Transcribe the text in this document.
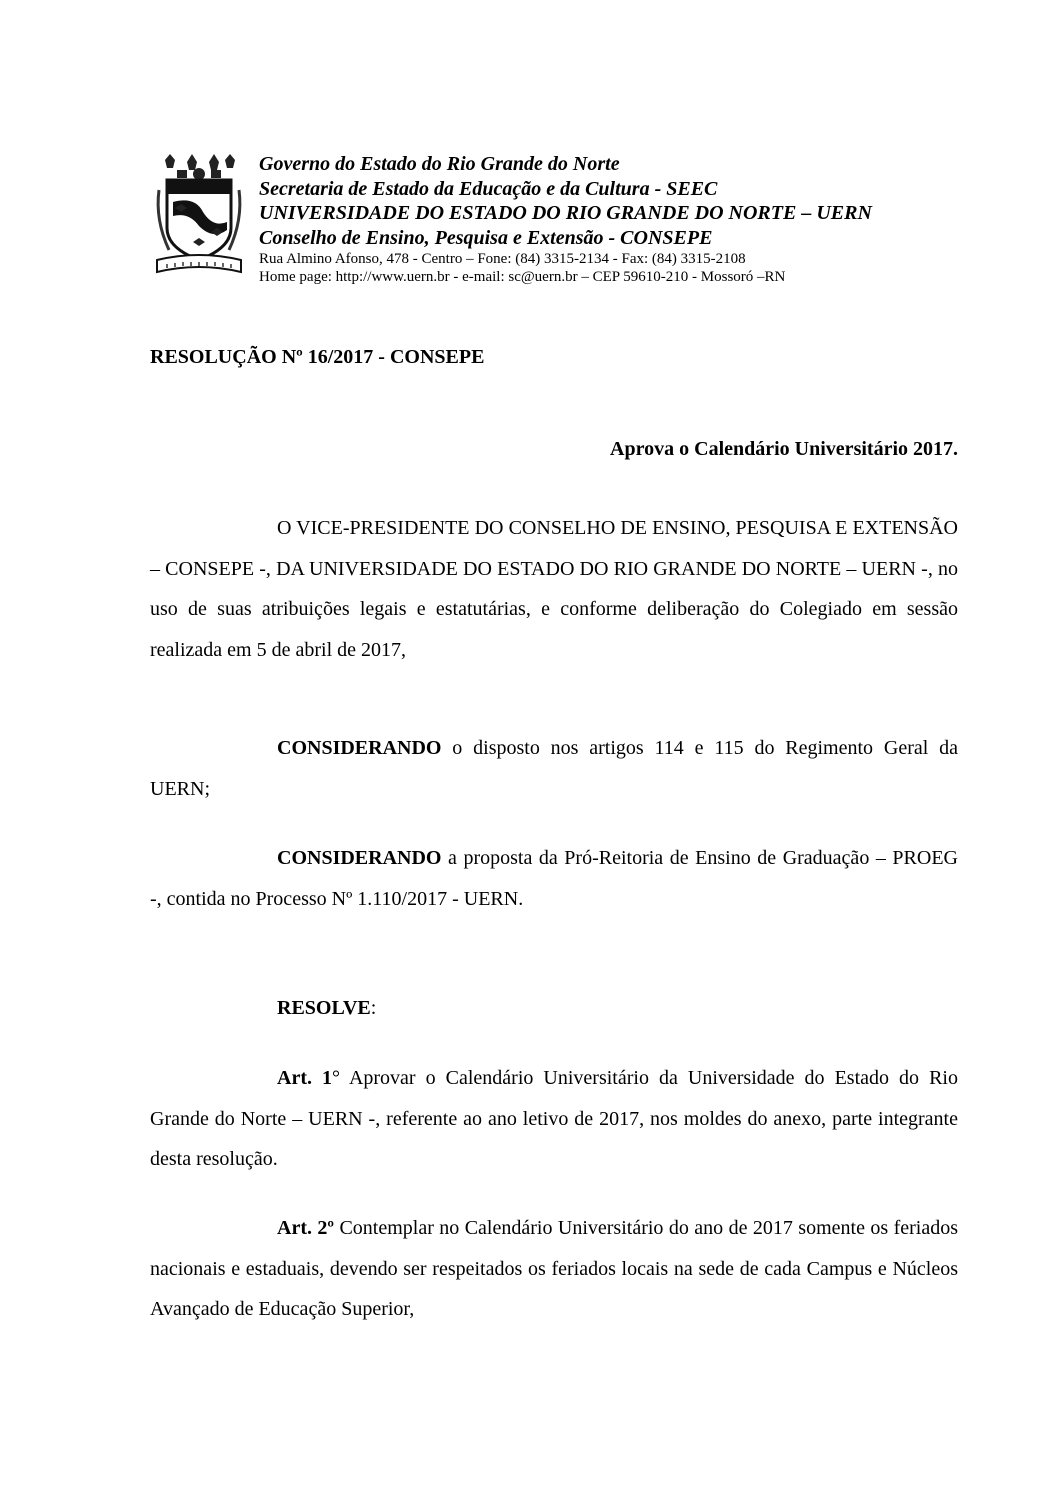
Governo do Estado do Rio Grande do Norte
Secretaria de Estado da Educação e da Cultura - SEEC
UNIVERSIDADE DO ESTADO DO RIO GRANDE DO NORTE – UERN
Conselho de Ensino, Pesquisa e Extensão - CONSEPE
Rua Almino Afonso, 478 - Centro – Fone: (84) 3315-2134 - Fax: (84) 3315-2108
Home page: http://www.uern.br - e-mail: sc@uern.br – CEP 59610-210 - Mossoró –RN
RESOLUÇÃO Nº 16/2017 - CONSEPE
Aprova o Calendário Universitário 2017.

O VICE-PRESIDENTE DO CONSELHO DE ENSINO, PESQUISA E EXTENSÃO – CONSEPE -, DA UNIVERSIDADE DO ESTADO DO RIO GRANDE DO NORTE – UERN -, no uso de suas atribuições legais e estatutárias, e conforme deliberação do Colegiado em sessão realizada em 5 de abril de 2017,

CONSIDERANDO o disposto nos artigos 114 e 115 do Regimento Geral da UERN;

CONSIDERANDO a proposta da Pró-Reitoria de Ensino de Graduação – PROEG -, contida no Processo Nº 1.110/2017 - UERN.

RESOLVE:

Art. 1° Aprovar o Calendário Universitário da Universidade do Estado do Rio Grande do Norte – UERN -, referente ao ano letivo de 2017, nos moldes do anexo, parte integrante desta resolução.

Art. 2º Contemplar no Calendário Universitário do ano de 2017 somente os feriados nacionais e estaduais, devendo ser respeitados os feriados locais na sede de cada Campus e Núcleos Avançado de Educação Superior,
